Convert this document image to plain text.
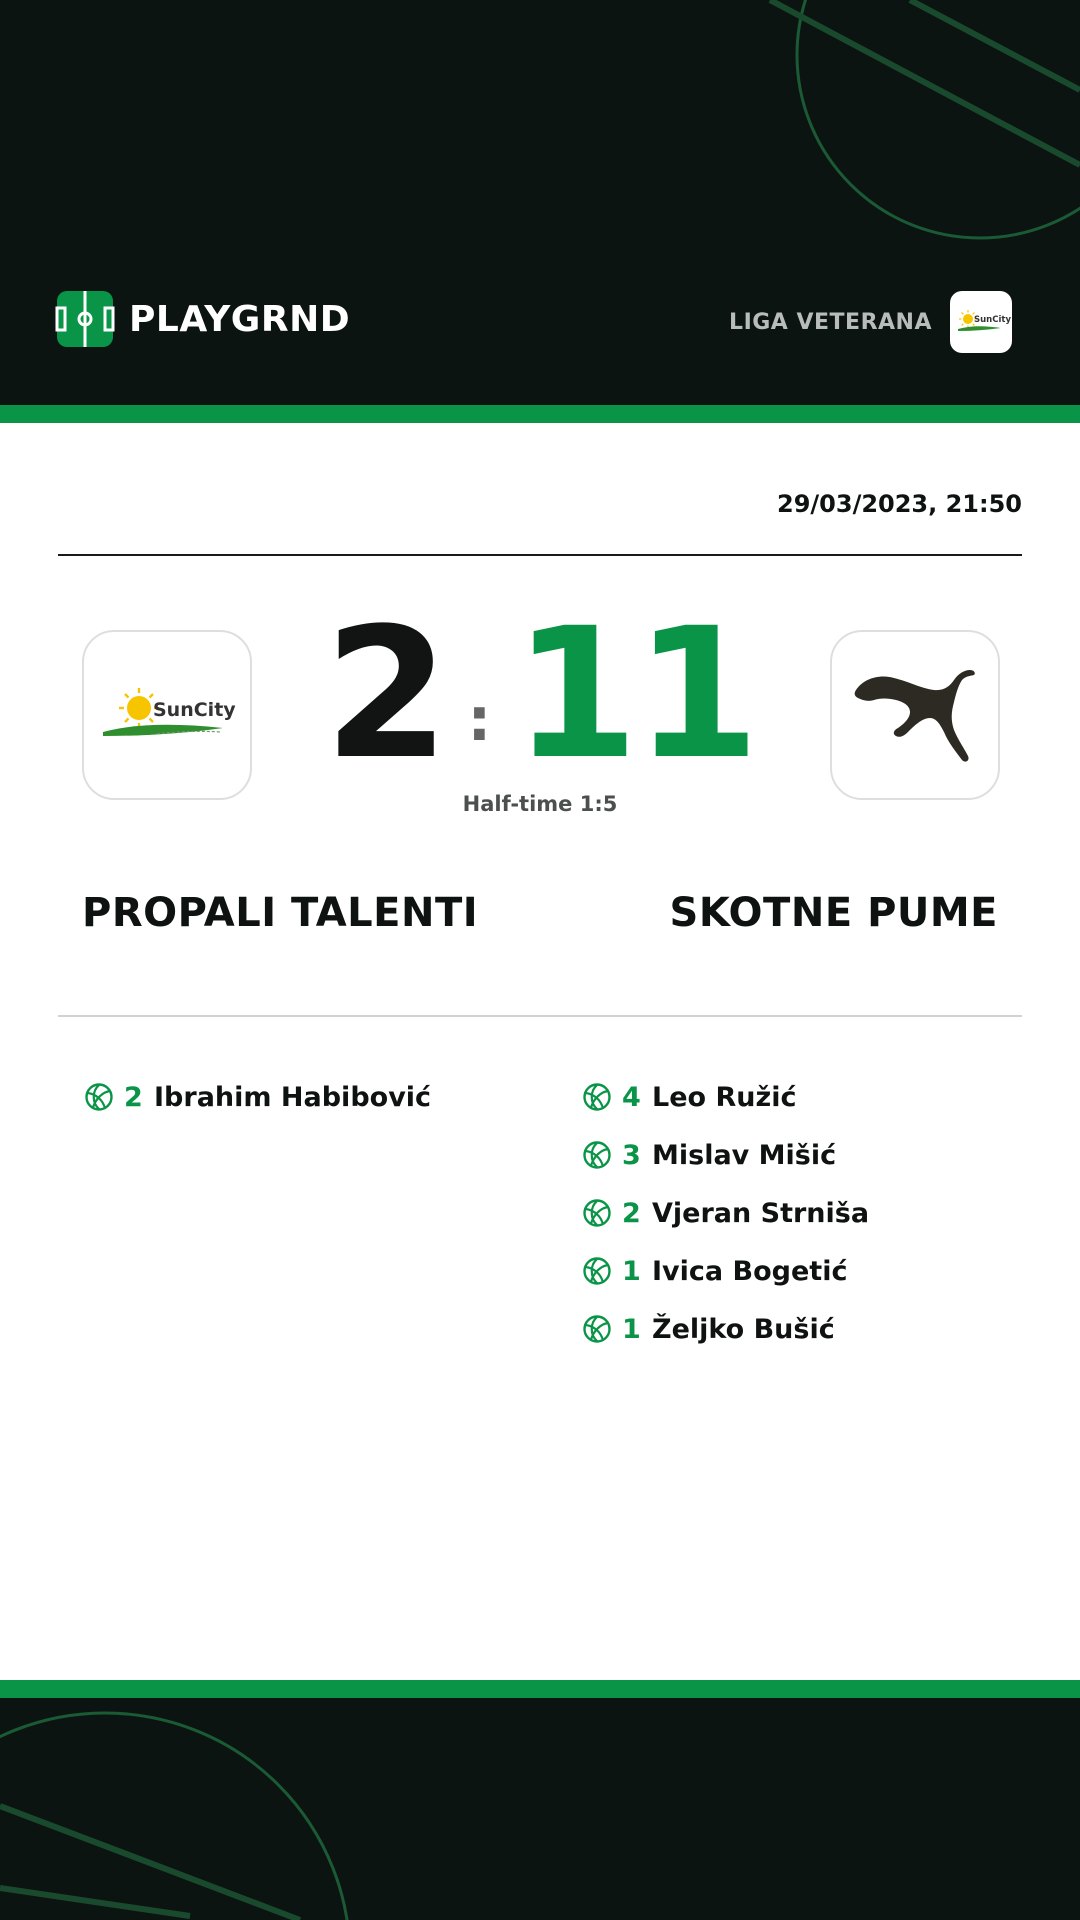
PLAYGRND	LIGA VETERANA	SunCity
29/03/2023, 21:50
SunCity 2 : 11
Half-time 1:5
PROPALI TALENTI	SKOTNE PUME
2 Ibrahim Habibović	4 Leo Ružić
3 Mislav Mišić
2 Vjeran Strniša
1 Ivica Bogetić
1 Željko Bušić
